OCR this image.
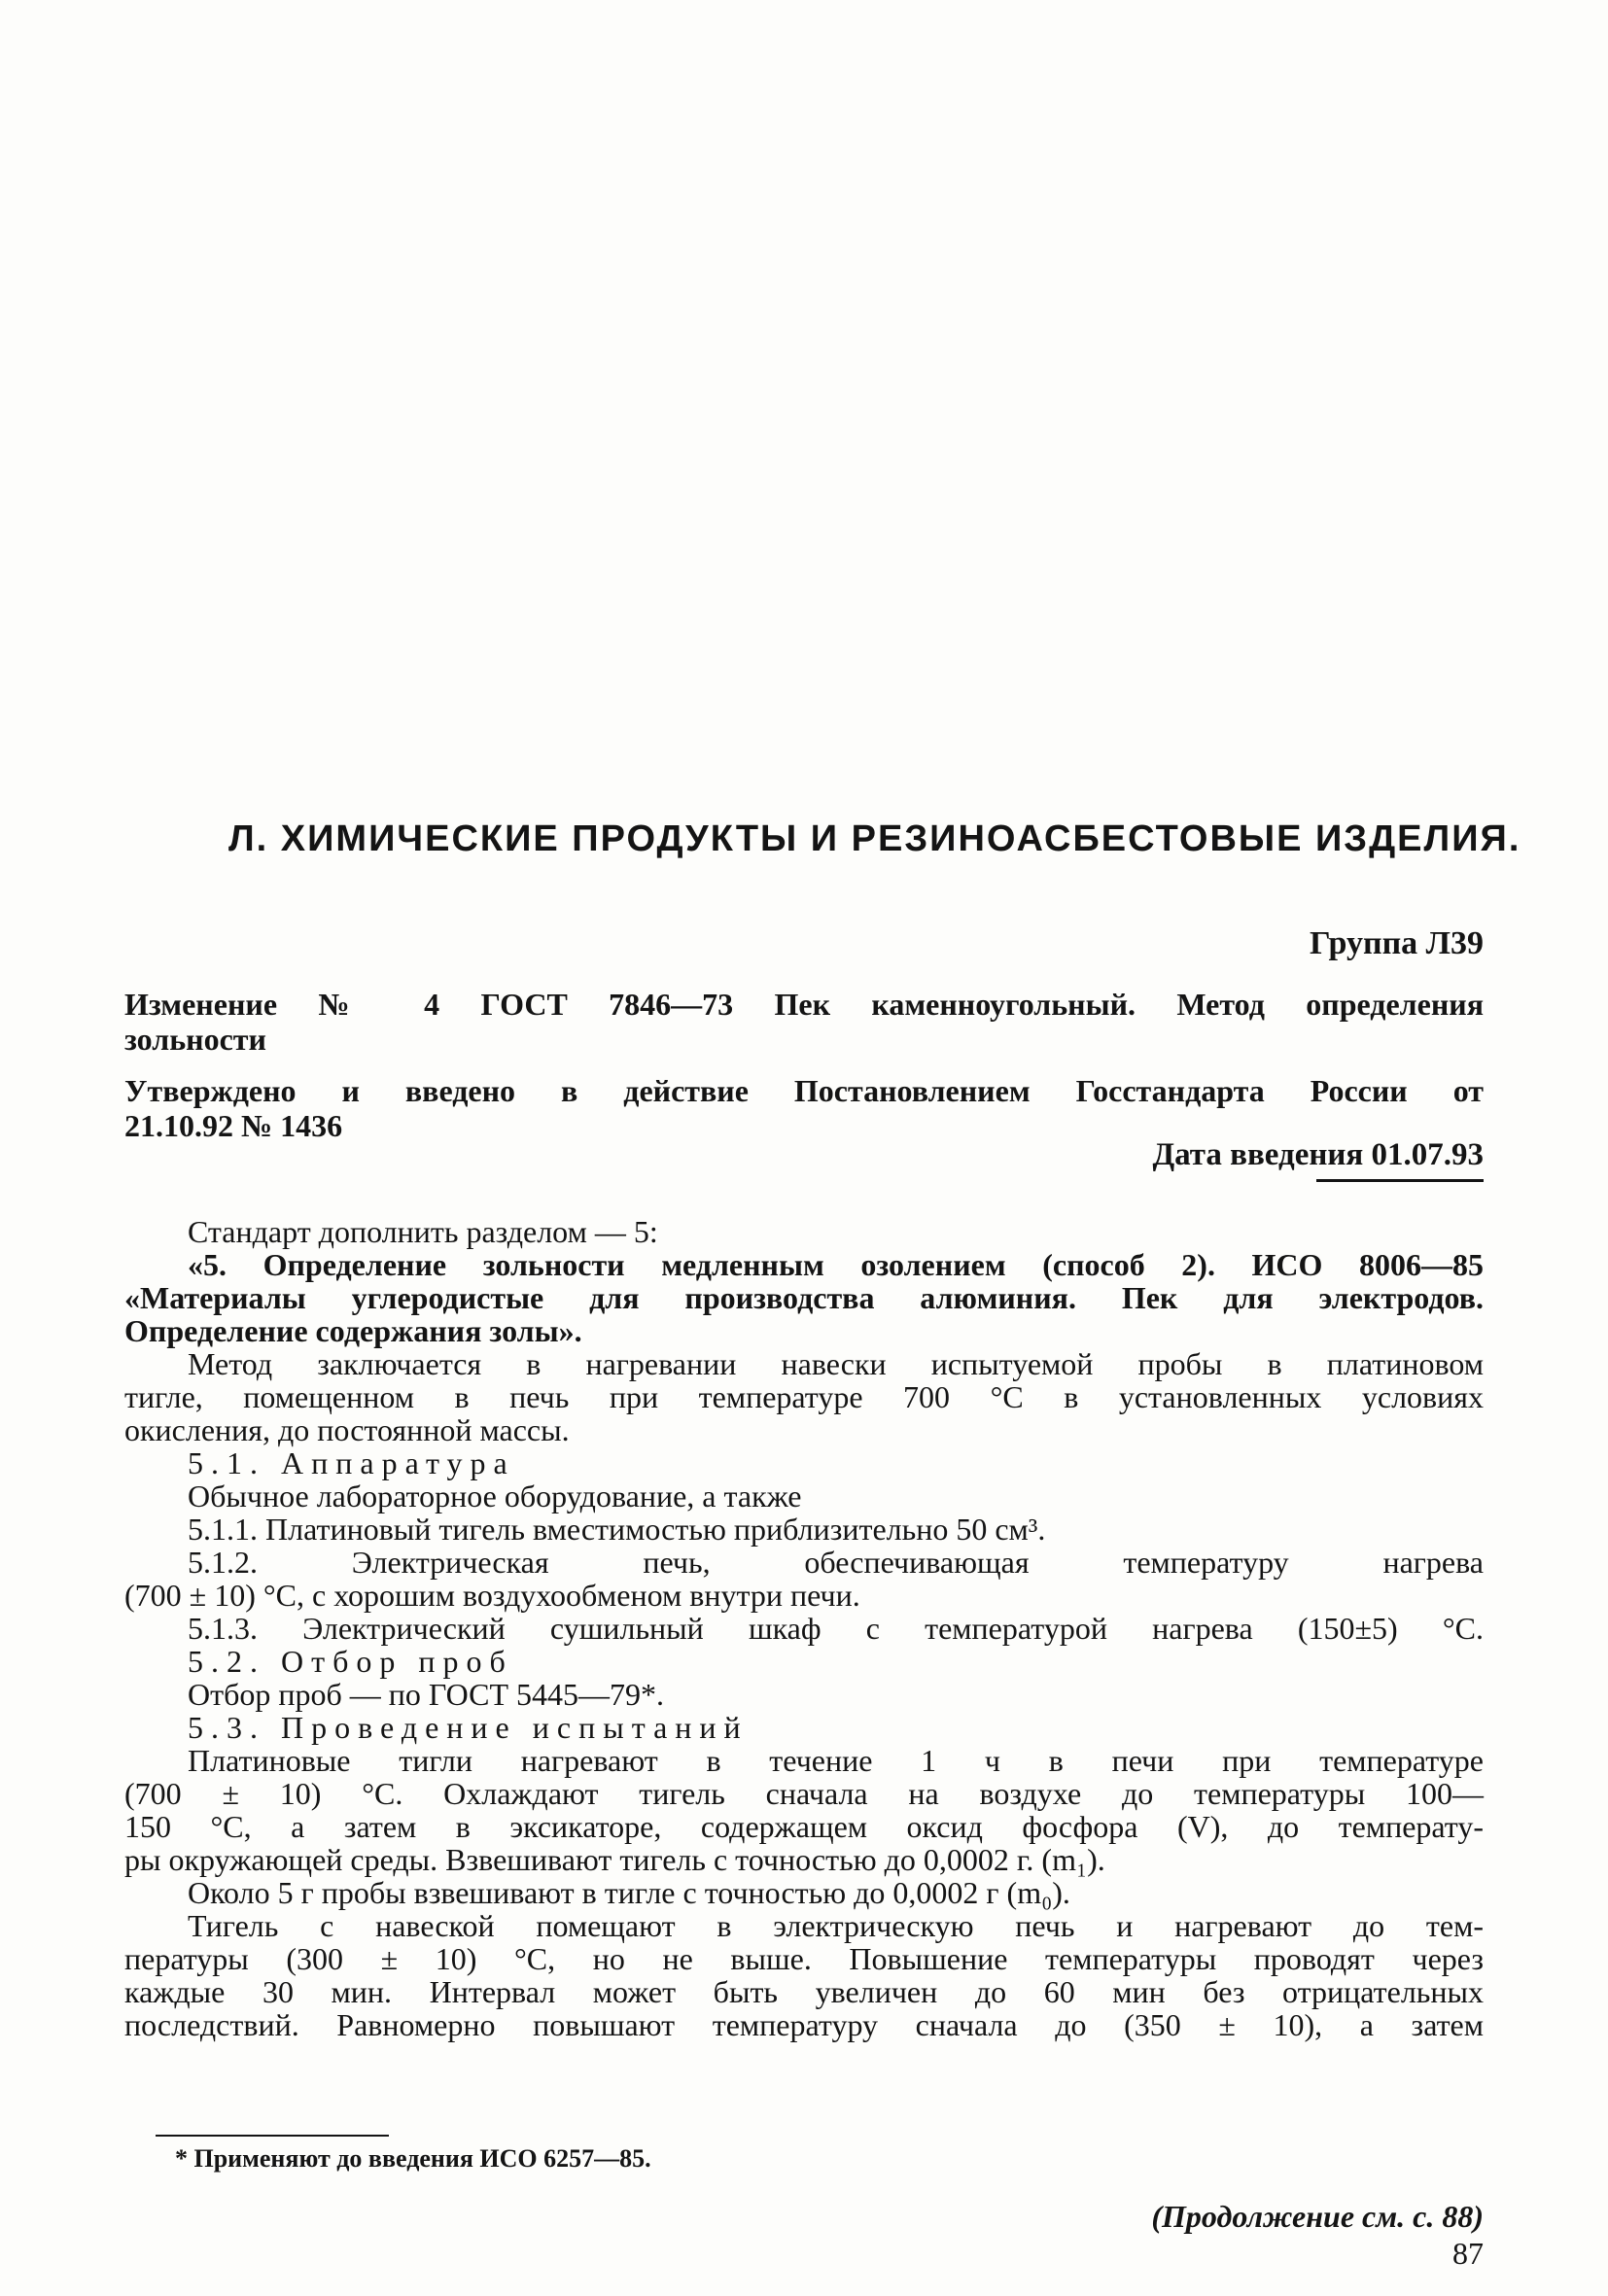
Л. ХИМИЧЕСКИЕ ПРОДУКТЫ И РЕЗИНОАСБЕСТОВЫЕ ИЗДЕЛИЯ.
Группа Л39
Изменение № 4 ГОСТ 7846—73 Пек каменноугольный. Метод определения
зольности
Утверждено и введено в действие Постановлением Госстандарта России от
21.10.92 № 1436
Дата введения 01.07.93
Стандарт дополнить разделом — 5:
«5. Определение зольности медленным озолением (способ 2). ИСО 8006—85
«Материалы углеродистые для производства алюминия. Пек для электродов.
Определение содержания золы».
Метод заключается в нагревании навески испытуемой пробы в платиновом
тигле, помещенном в печь при температуре 700 °С в установленных условиях
окисления, до постоянной массы.
5.1. Аппаратура
Обычное лабораторное оборудование, а также
5.1.1. Платиновый тигель вместимостью приблизительно 50 см³.
5.1.2. Электрическая печь, обеспечивающая температуру нагрева
(700 ± 10) °С, с хорошим воздухообменом внутри печи.
5.1.3. Электрический сушильный шкаф с температурой нагрева (150±5) °С.
5.2. Отбор проб
Отбор проб — по ГОСТ 5445—79*.
5.3. Проведение испытаний
Платиновые тигли нагревают в течение 1 ч в печи при температуре
(700 ± 10) °С. Охлаждают тигель сначала на воздухе до температуры 100—
150 °С, а затем в эксикаторе, содержащем оксид фосфора (V), до температу-
ры окружающей среды. Взвешивают тигель с точностью до 0,0002 г. (m₁).
Около 5 г пробы взвешивают в тигле с точностью до 0,0002 г (m₀).
Тигель с навеской помещают в электрическую печь и нагревают до тем-
пературы (300 ± 10) °С, но не выше. Повышение температуры проводят через
каждые 30 мин. Интервал может быть увеличен до 60 мин без отрицательных
последствий. Равномерно повышают температуру сначала до (350 ± 10), а затем
* Применяют до введения ИСО 6257—85.
(Продолжение см. с. 88)
87
